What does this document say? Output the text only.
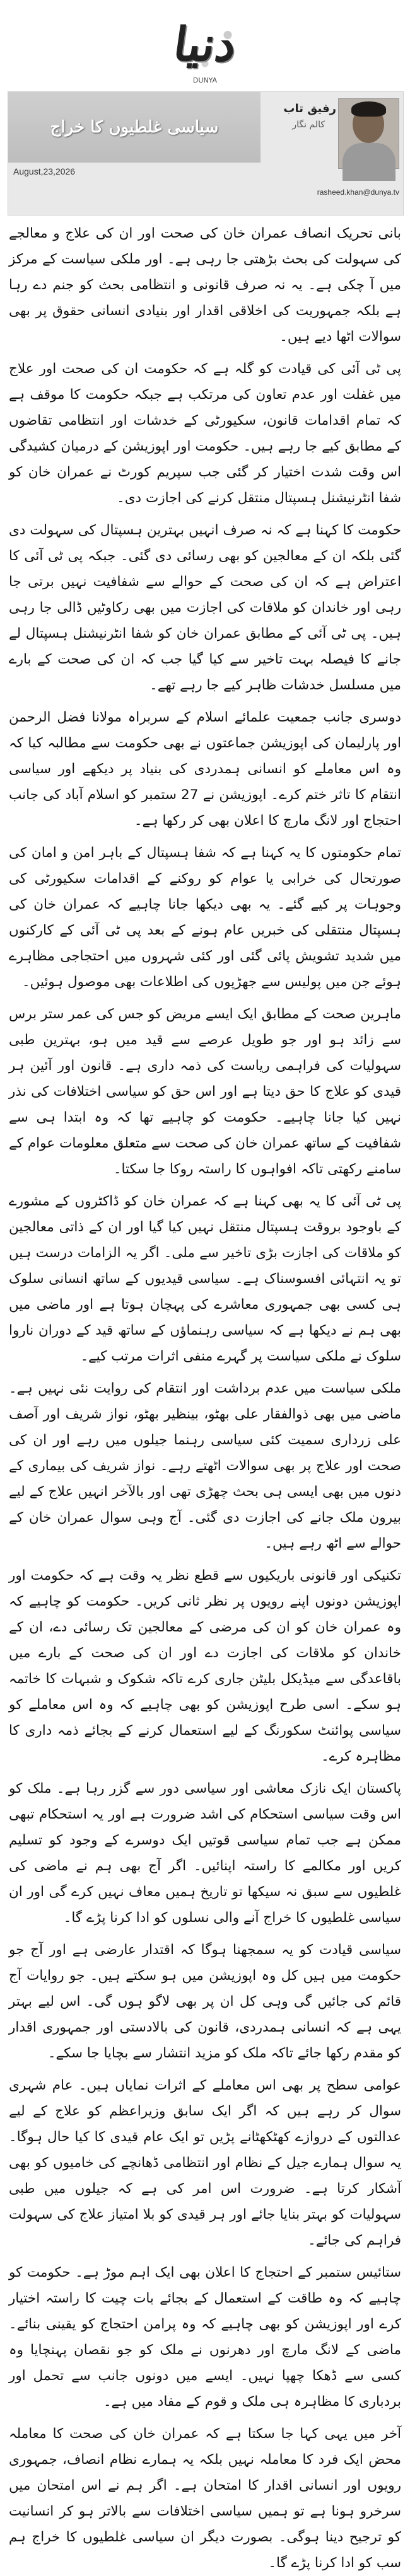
دنیا
DUNYA
سیاسی غلطیوں کا خراج
August,23,2026
رفیق تاب
کالم نگار
rasheed.khan@dunya.tv

بانی تحریک انصاف عمران خان کی صحت اور ان کی علاج و معالجے کی سہولت کی بحث بڑھتی جا رہی ہے۔ اور ملکی سیاست کے مرکز میں آ چکی ہے۔ یہ نہ صرف قانونی و انتظامی بحث کو جنم دے رہا ہے بلکہ جمہوریت کی اخلاقی اقدار اور بنیادی انسانی حقوق پر بھی سوالات اٹھا دیے ہیں۔

پی ٹی آئی کی قیادت کو گلہ ہے کہ حکومت ان کی صحت اور علاج میں غفلت اور عدم تعاون کی مرتکب ہے جبکہ حکومت کا موقف ہے کہ تمام اقدامات قانون، سکیورٹی کے خدشات اور انتظامی تقاضوں کے مطابق کیے جا رہے ہیں۔ حکومت اور اپوزیشن کے درمیان کشیدگی اس وقت شدت اختیار کر گئی جب سپریم کورٹ نے عمران خان کو شفا انٹرنیشنل ہسپتال منتقل کرنے کی اجازت دی۔

حکومت کا کہنا ہے کہ نہ صرف انہیں بہترین ہسپتال کی سہولت دی گئی بلکہ ان کے معالجین کو بھی رسائی دی گئی۔ جبکہ پی ٹی آئی کا اعتراض ہے کہ ان کی صحت کے حوالے سے شفافیت نہیں برتی جا رہی اور خاندان کو ملاقات کی اجازت میں بھی رکاوٹیں ڈالی جا رہی ہیں۔ پی ٹی آئی کے مطابق عمران خان کو شفا انٹرنیشنل ہسپتال لے جانے کا فیصلہ بہت تاخیر سے کیا گیا جب کہ ان کی صحت کے بارے میں مسلسل خدشات ظاہر کیے جا رہے تھے۔

دوسری جانب جمعیت علمائے اسلام کے سربراہ مولانا فضل الرحمن اور پارلیمان کی اپوزیشن جماعتوں نے بھی حکومت سے مطالبہ کیا کہ وہ اس معاملے کو انسانی ہمدردی کی بنیاد پر دیکھے اور سیاسی انتقام کا تاثر ختم کرے۔ اپوزیشن نے 27 ستمبر کو اسلام آباد کی جانب احتجاج اور لانگ مارچ کا اعلان بھی کر رکھا ہے۔

تمام حکومتوں کا یہ کہنا ہے کہ شفا ہسپتال کے باہر امن و امان کی صورتحال کی خرابی یا عوام کو روکنے کے اقدامات سکیورٹی کی وجوہات پر کیے گئے۔ یہ بھی دیکھا جانا چاہیے کہ عمران خان کی ہسپتال منتقلی کی خبریں عام ہونے کے بعد پی ٹی آئی کے کارکنوں میں شدید تشویش پائی گئی اور کئی شہروں میں احتجاجی مظاہرے ہوئے جن میں پولیس سے جھڑپوں کی اطلاعات بھی موصول ہوئیں۔

ماہرین صحت کے مطابق ایک ایسے مریض کو جس کی عمر ستر برس سے زائد ہو اور جو طویل عرصے سے قید میں ہو، بہترین طبی سہولیات کی فراہمی ریاست کی ذمہ داری ہے۔ قانون اور آئین ہر قیدی کو علاج کا حق دیتا ہے اور اس حق کو سیاسی اختلافات کی نذر نہیں کیا جانا چاہیے۔ حکومت کو چاہیے تھا کہ وہ ابتدا ہی سے شفافیت کے ساتھ عمران خان کی صحت سے متعلق معلومات عوام کے سامنے رکھتی تاکہ افواہوں کا راستہ روکا جا سکتا۔

پی ٹی آئی کا یہ بھی کہنا ہے کہ عمران خان کو ڈاکٹروں کے مشورے کے باوجود بروقت ہسپتال منتقل نہیں کیا گیا اور ان کے ذاتی معالجین کو ملاقات کی اجازت بڑی تاخیر سے ملی۔ اگر یہ الزامات درست ہیں تو یہ انتہائی افسوسناک ہے۔ سیاسی قیدیوں کے ساتھ انسانی سلوک ہی کسی بھی جمہوری معاشرے کی پہچان ہوتا ہے اور ماضی میں بھی ہم نے دیکھا ہے کہ سیاسی رہنماؤں کے ساتھ قید کے دوران ناروا سلوک نے ملکی سیاست پر گہرے منفی اثرات مرتب کیے۔

ملکی سیاست میں عدم برداشت اور انتقام کی روایت نئی نہیں ہے۔ ماضی میں بھی ذوالفقار علی بھٹو، بینظیر بھٹو، نواز شریف اور آصف علی زرداری سمیت کئی سیاسی رہنما جیلوں میں رہے اور ان کی صحت اور علاج پر بھی سوالات اٹھتے رہے۔ نواز شریف کی بیماری کے دنوں میں بھی ایسی ہی بحث چھڑی تھی اور بالآخر انہیں علاج کے لیے بیرون ملک جانے کی اجازت دی گئی۔ آج وہی سوال عمران خان کے حوالے سے اٹھ رہے ہیں۔

تکنیکی اور قانونی باریکیوں سے قطع نظر یہ وقت ہے کہ حکومت اور اپوزیشن دونوں اپنے رویوں پر نظر ثانی کریں۔ حکومت کو چاہیے کہ وہ عمران خان کو ان کی مرضی کے معالجین تک رسائی دے، ان کے خاندان کو ملاقات کی اجازت دے اور ان کی صحت کے بارے میں باقاعدگی سے میڈیکل بلیٹن جاری کرے تاکہ شکوک و شبہات کا خاتمہ ہو سکے۔ اسی طرح اپوزیشن کو بھی چاہیے کہ وہ اس معاملے کو سیاسی پوائنٹ سکورنگ کے لیے استعمال کرنے کے بجائے ذمہ داری کا مظاہرہ کرے۔

پاکستان ایک نازک معاشی اور سیاسی دور سے گزر رہا ہے۔ ملک کو اس وقت سیاسی استحکام کی اشد ضرورت ہے اور یہ استحکام تبھی ممکن ہے جب تمام سیاسی قوتیں ایک دوسرے کے وجود کو تسلیم کریں اور مکالمے کا راستہ اپنائیں۔ اگر آج بھی ہم نے ماضی کی غلطیوں سے سبق نہ سیکھا تو تاریخ ہمیں معاف نہیں کرے گی اور ان سیاسی غلطیوں کا خراج آنے والی نسلوں کو ادا کرنا پڑے گا۔

سیاسی قیادت کو یہ سمجھنا ہوگا کہ اقتدار عارضی ہے اور آج جو حکومت میں ہیں کل وہ اپوزیشن میں ہو سکتے ہیں۔ جو روایات آج قائم کی جائیں گی وہی کل ان پر بھی لاگو ہوں گی۔ اس لیے بہتر یہی ہے کہ انسانی ہمدردی، قانون کی بالادستی اور جمہوری اقدار کو مقدم رکھا جائے تاکہ ملک کو مزید انتشار سے بچایا جا سکے۔

عوامی سطح پر بھی اس معاملے کے اثرات نمایاں ہیں۔ عام شہری سوال کر رہے ہیں کہ اگر ایک سابق وزیراعظم کو علاج کے لیے عدالتوں کے دروازے کھٹکھٹانے پڑیں تو ایک عام قیدی کا کیا حال ہوگا۔ یہ سوال ہمارے جیل کے نظام اور انتظامی ڈھانچے کی خامیوں کو بھی آشکار کرتا ہے۔ ضرورت اس امر کی ہے کہ جیلوں میں طبی سہولیات کو بہتر بنایا جائے اور ہر قیدی کو بلا امتیاز علاج کی سہولت فراہم کی جائے۔

ستائیس ستمبر کے احتجاج کا اعلان بھی ایک اہم موڑ ہے۔ حکومت کو چاہیے کہ وہ طاقت کے استعمال کے بجائے بات چیت کا راستہ اختیار کرے اور اپوزیشن کو بھی چاہیے کہ وہ پرامن احتجاج کو یقینی بنائے۔ ماضی کے لانگ مارچ اور دھرنوں نے ملک کو جو نقصان پہنچایا وہ کسی سے ڈھکا چھپا نہیں۔ ایسے میں دونوں جانب سے تحمل اور بردباری کا مظاہرہ ہی ملک و قوم کے مفاد میں ہے۔

آخر میں یہی کہا جا سکتا ہے کہ عمران خان کی صحت کا معاملہ محض ایک فرد کا معاملہ نہیں بلکہ یہ ہمارے نظام انصاف، جمہوری رویوں اور انسانی اقدار کا امتحان ہے۔ اگر ہم نے اس امتحان میں سرخرو ہونا ہے تو ہمیں سیاسی اختلافات سے بالاتر ہو کر انسانیت کو ترجیح دینا ہوگی۔ بصورت دیگر ان سیاسی غلطیوں کا خراج ہم سب کو ادا کرنا پڑے گا۔
